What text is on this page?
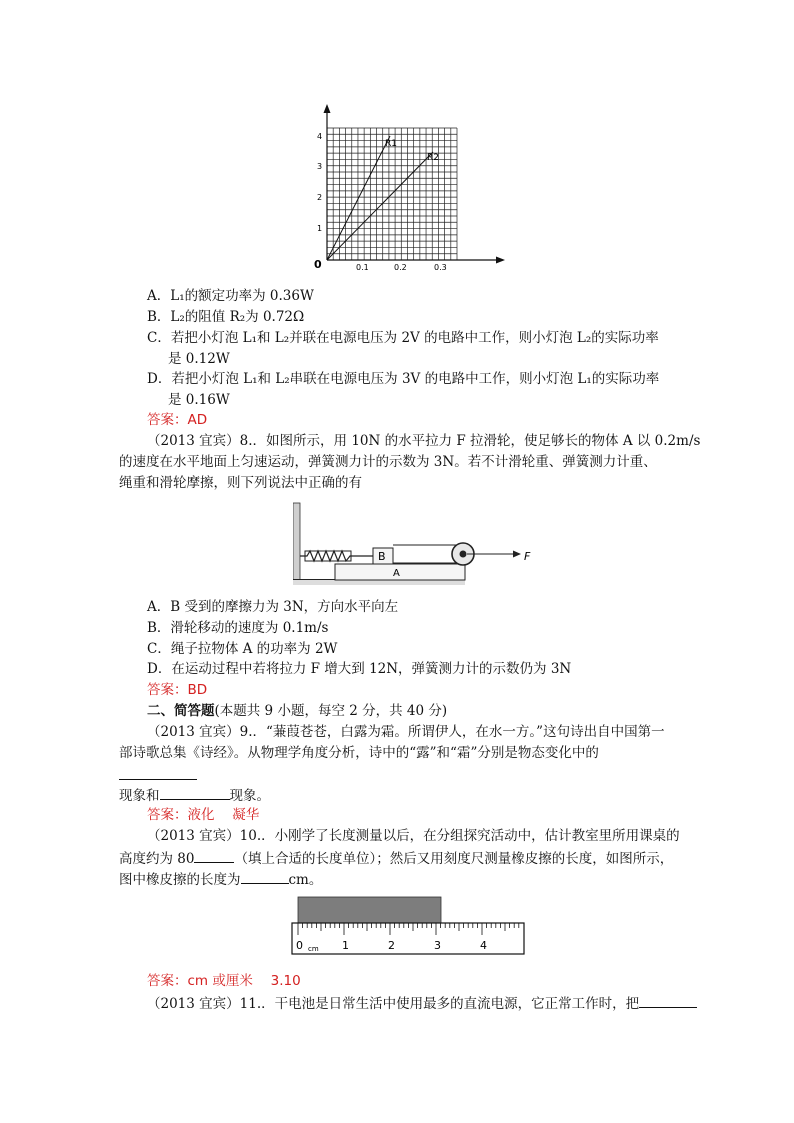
0
1
2
3
4
0.1	0.2	0.3
R1
R2
A．L₁的额定功率为 0.36W
B．L₂的阻值 R₂为 0.72Ω
C．若把小灯泡 L₁和 L₂并联在电源电压为 2V 的电路中工作，则小灯泡 L₂的实际功率
是 0.12W
D．若把小灯泡 L₁和 L₂串联在电源电压为 3V 的电路中工作，则小灯泡 L₁的实际功率
是 0.16W
答案：AD
（2013 宜宾）8.．如图所示，用 10N 的水平拉力 F 拉滑轮，使足够长的物体 A 以 0.2m/s
的速度在水平地面上匀速运动，弹簧测力计的示数为 3N。若不计滑轮重、弹簧测力计重、
绳重和滑轮摩擦，则下列说法中正确的有
B
A
F
A．B 受到的摩擦力为 3N，方向水平向左
B．滑轮移动的速度为 0.1m/s
C．绳子拉物体 A 的功率为 2W
D．在运动过程中若将拉力 F 增大到 12N，弹簧测力计的示数仍为 3N
答案：BD
二、简答题(本题共 9 小题，每空 2 分，共 40 分)
（2013 宜宾）9.．“蒹葭苍苍，白露为霜。所谓伊人，在水一方。”这句诗出自中国第一
部诗歌总集《诗经》。从物理学角度分析，诗中的“露”和“霜”分别是物态变化中的
现象和	现象。
答案：液化　 凝华
（2013 宜宾）10.．小刚学了长度测量以后，在分组探究活动中，估计教室里所用课桌的
高度约为 80	（填上合适的长度单位）；然后又用刻度尺测量橡皮擦的长度，如图所示，
图中橡皮擦的长度为	cm。
0	1	2	3	4
cm
答案：cm 或厘米　 3.10
（2013 宜宾）11.．干电池是日常生活中使用最多的直流电源，它正常工作时，把
